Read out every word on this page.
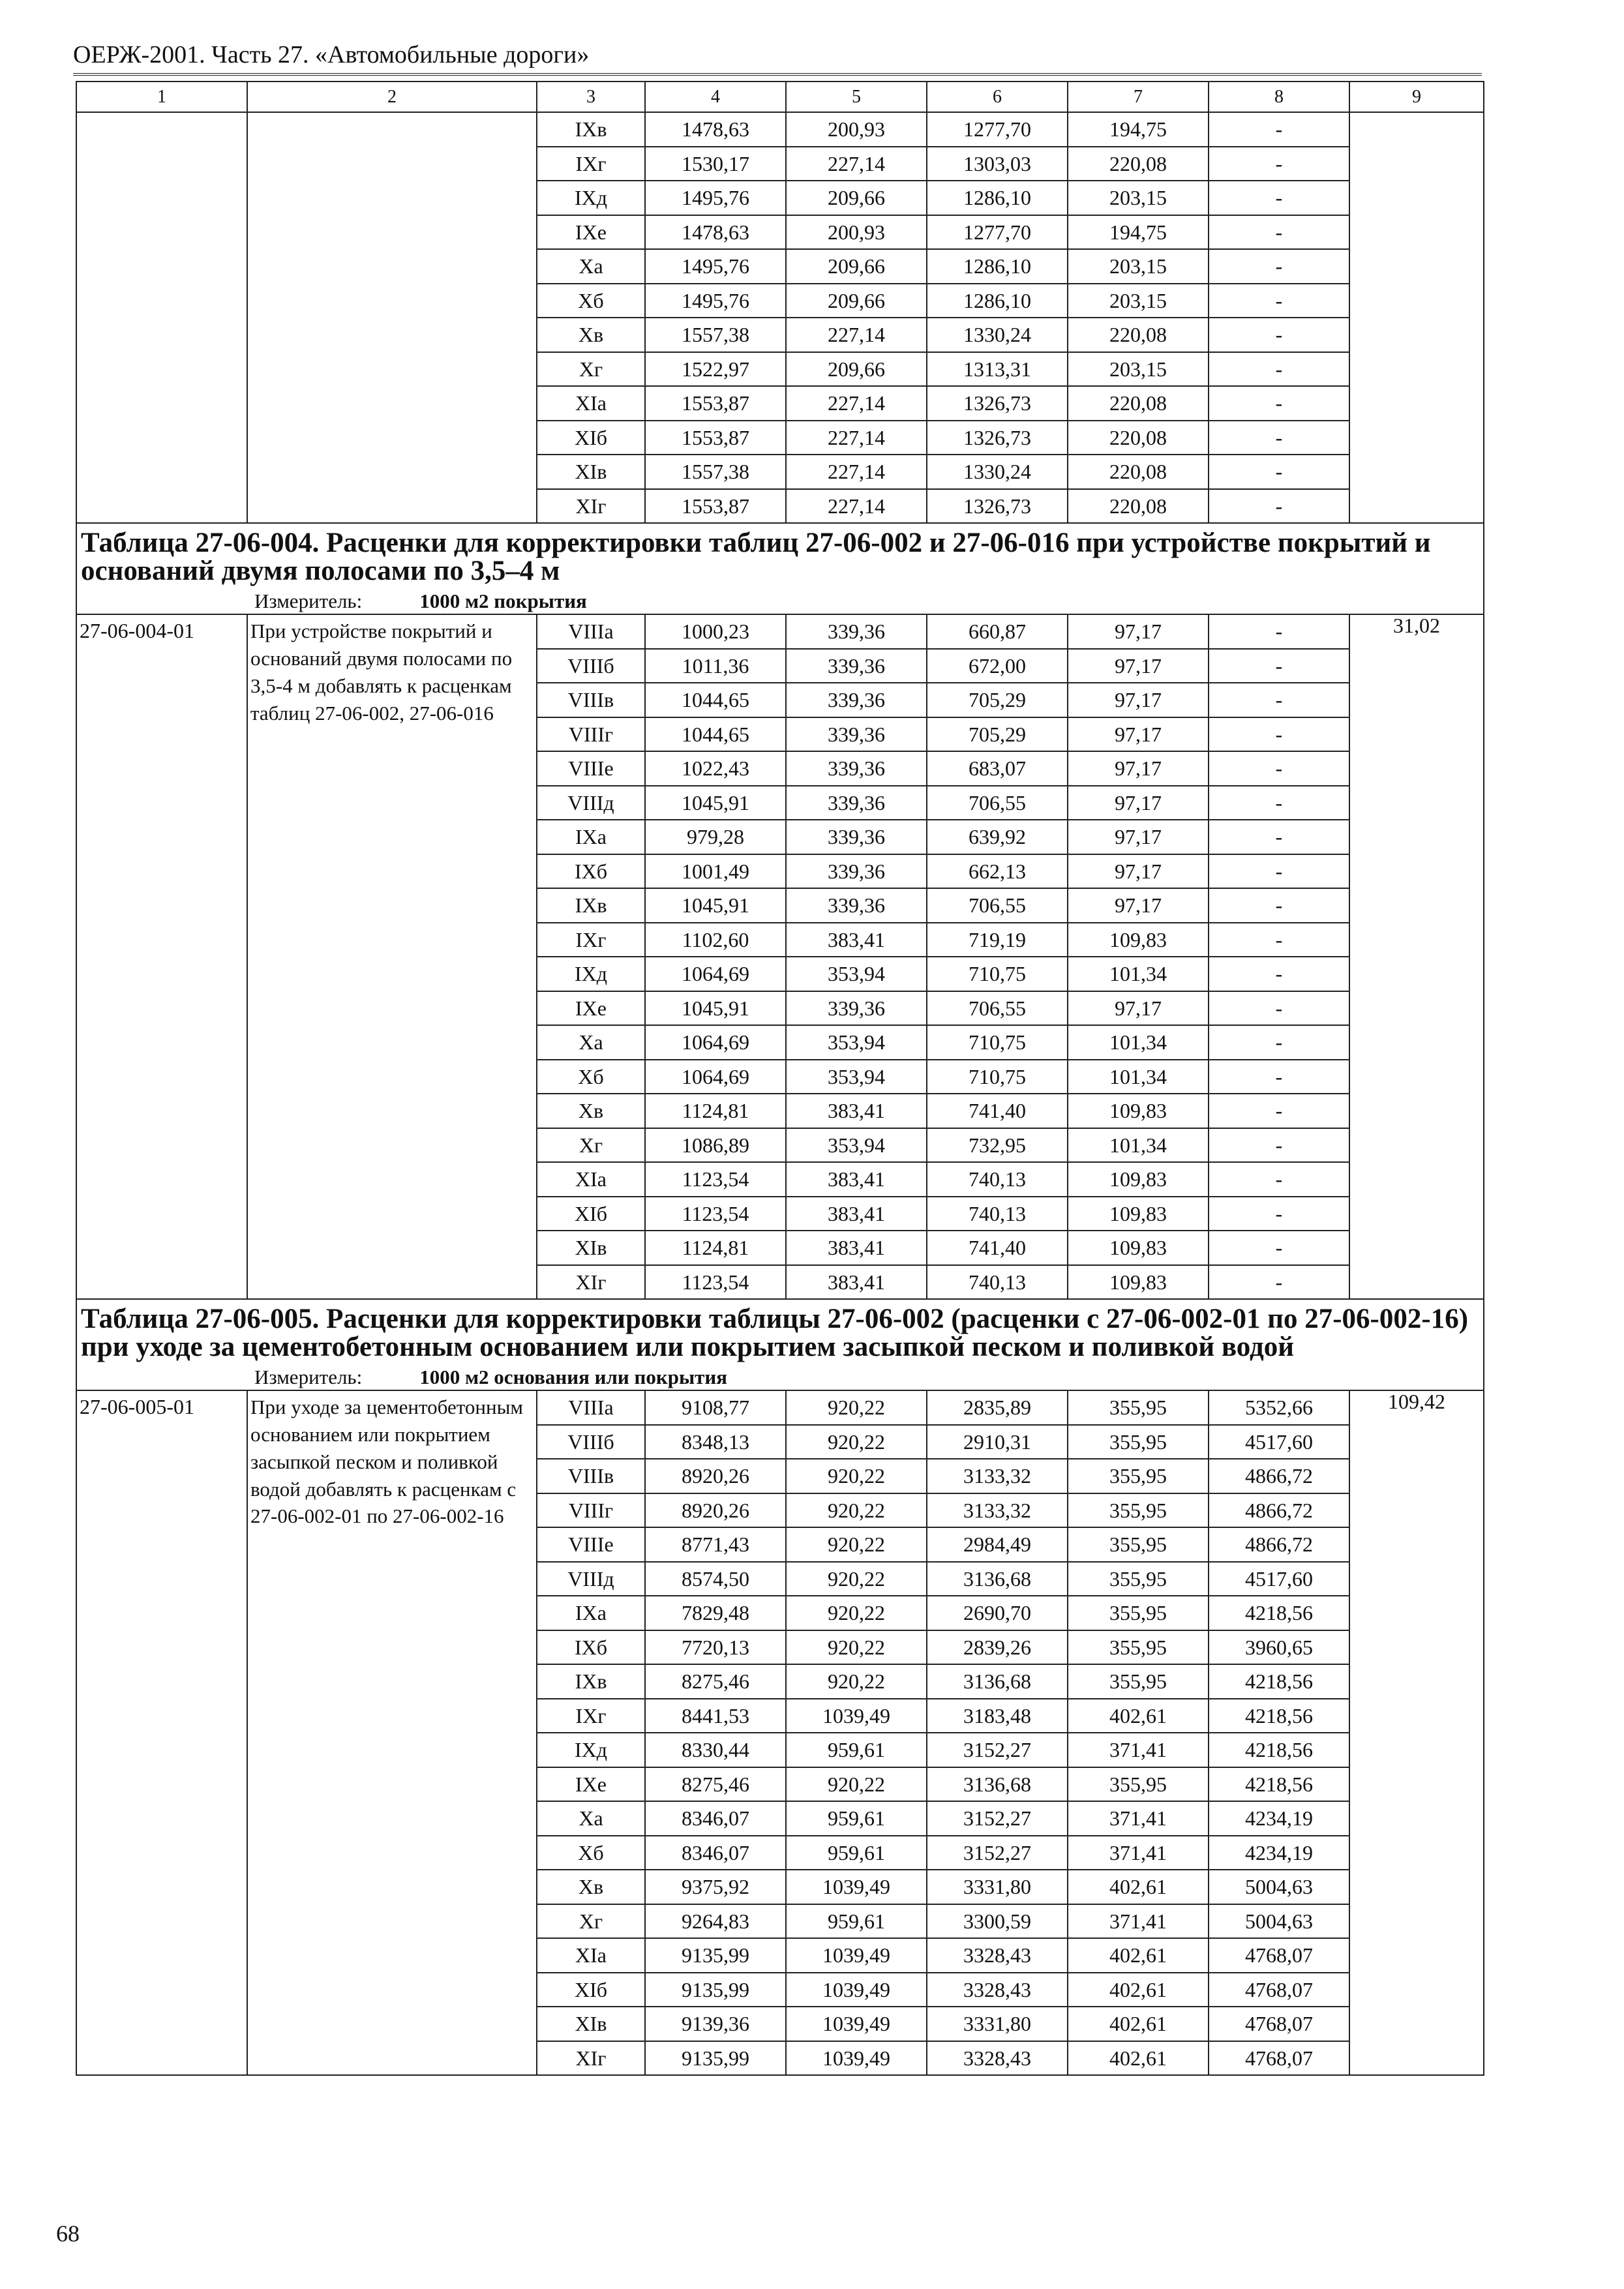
ОЕРЖ-2001. Часть 27. «Автомобильные дороги»
1	2	3	4	5	6	7	8	9
		IXв	1478,63	200,93	1277,70	194,75	-	
		IXг	1530,17	227,14	1303,03	220,08	-	
		IXд	1495,76	209,66	1286,10	203,15	-	
		IXе	1478,63	200,93	1277,70	194,75	-	
		Xа	1495,76	209,66	1286,10	203,15	-	
		Xб	1495,76	209,66	1286,10	203,15	-	
		Xв	1557,38	227,14	1330,24	220,08	-	
		Xг	1522,97	209,66	1313,31	203,15	-	
		XIа	1553,87	227,14	1326,73	220,08	-	
		XIб	1553,87	227,14	1326,73	220,08	-	
		XIв	1557,38	227,14	1330,24	220,08	-	
		XIг	1553,87	227,14	1326,73	220,08	-	
Таблица 27-06-004. Расценки для корректировки таблиц 27-06-002 и 27-06-016 при устройстве покрытий и оснований двумя полосами по 3,5–4 м								
Измеритель: 1000 м2 покрытия								
27-06-004-01	При устройстве покрытий и оснований двумя полосами по 3,5-4 м добавлять к расценкам таблиц 27-06-002, 27-06-016	VIIIа	1000,23	339,36	660,87	97,17	-	31,02
		VIIIб	1011,36	339,36	672,00	97,17	-	
		VIIIв	1044,65	339,36	705,29	97,17	-	
		VIIIг	1044,65	339,36	705,29	97,17	-	
		VIIIе	1022,43	339,36	683,07	97,17	-	
		VIIIд	1045,91	339,36	706,55	97,17	-	
		IXа	979,28	339,36	639,92	97,17	-	
		IXб	1001,49	339,36	662,13	97,17	-	
		IXв	1045,91	339,36	706,55	97,17	-	
		IXг	1102,60	383,41	719,19	109,83	-	
		IXд	1064,69	353,94	710,75	101,34	-	
		IXе	1045,91	339,36	706,55	97,17	-	
		Xа	1064,69	353,94	710,75	101,34	-	
		Xб	1064,69	353,94	710,75	101,34	-	
		Xв	1124,81	383,41	741,40	109,83	-	
		Xг	1086,89	353,94	732,95	101,34	-	
		XIа	1123,54	383,41	740,13	109,83	-	
		XIб	1123,54	383,41	740,13	109,83	-	
		XIв	1124,81	383,41	741,40	109,83	-	
		XIг	1123,54	383,41	740,13	109,83	-	
Таблица 27-06-005. Расценки для корректировки таблицы 27-06-002 (расценки с 27-06-002-01 по 27-06-002-16) при уходе за цементобетонным основанием или покрытием засыпкой песком и поливкой водой								
Измеритель: 1000 м2 основания или покрытия								
27-06-005-01	При уходе за цементобетонным основанием или покрытием засыпкой песком и поливкой водой добавлять к расценкам с 27-06-002-01 по 27-06-002-16	VIIIа	9108,77	920,22	2835,89	355,95	5352,66	109,42
		VIIIб	8348,13	920,22	2910,31	355,95	4517,60	
		VIIIв	8920,26	920,22	3133,32	355,95	4866,72	
		VIIIг	8920,26	920,22	3133,32	355,95	4866,72	
		VIIIе	8771,43	920,22	2984,49	355,95	4866,72	
		VIIIд	8574,50	920,22	3136,68	355,95	4517,60	
		IXа	7829,48	920,22	2690,70	355,95	4218,56	
		IXб	7720,13	920,22	2839,26	355,95	3960,65	
		IXв	8275,46	920,22	3136,68	355,95	4218,56	
		IXг	8441,53	1039,49	3183,48	402,61	4218,56	
		IXд	8330,44	959,61	3152,27	371,41	4218,56	
		IXе	8275,46	920,22	3136,68	355,95	4218,56	
		Xа	8346,07	959,61	3152,27	371,41	4234,19	
		Xб	8346,07	959,61	3152,27	371,41	4234,19	
		Xв	9375,92	1039,49	3331,80	402,61	5004,63	
		Xг	9264,83	959,61	3300,59	371,41	5004,63	
		XIа	9135,99	1039,49	3328,43	402,61	4768,07	
		XIб	9135,99	1039,49	3328,43	402,61	4768,07	
		XIв	9139,36	1039,49	3331,80	402,61	4768,07	
		XIг	9135,99	1039,49	3328,43	402,61	4768,07	
68
